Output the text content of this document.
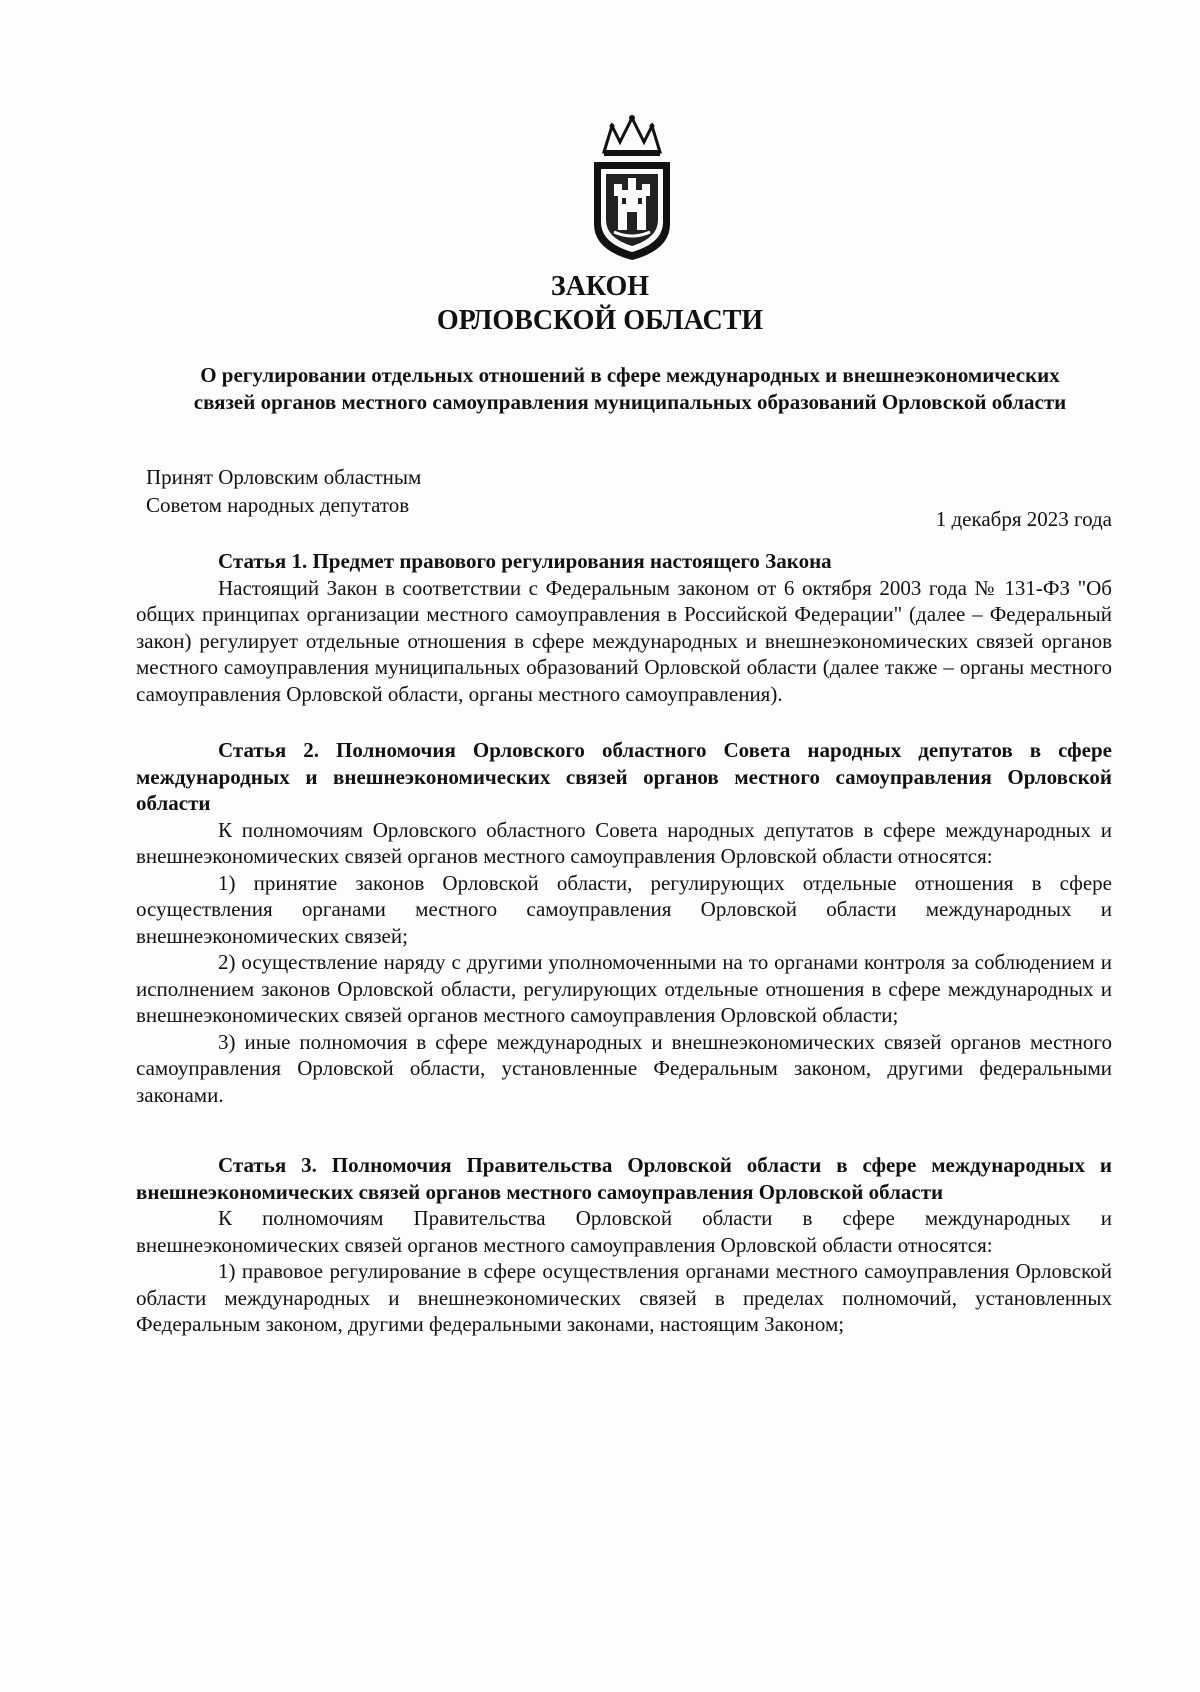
ЗАКОН
ОРЛОВСКОЙ ОБЛАСТИ
О регулировании отдельных отношений в сфере международных и внешнеэкономических связей органов местного самоуправления муниципальных образований Орловской области
Принят Орловским областным
Советом народных депутатов
1 декабря 2023 года

Статья 1. Предмет правового регулирования настоящего Закона

Настоящий Закон в соответствии с Федеральным законом от 6 октября 2003 года № 131-ФЗ "Об общих принципах организации местного самоуправления в Российской Федерации" (далее – Федеральный закон) регулирует отдельные отношения в сфере международных и внешнеэкономических связей органов местного самоуправления муниципальных образований Орловской области (далее также – органы местного самоуправления Орловской области, органы местного самоуправления).

Статья 2. Полномочия Орловского областного Совета народных депутатов в сфере международных и внешнеэкономических связей органов местного самоуправления Орловской области

К полномочиям Орловского областного Совета народных депутатов в сфере международных и внешнеэкономических связей органов местного самоуправления Орловской области относятся:

1) принятие законов Орловской области, регулирующих отдельные отношения в сфере осуществления органами местного самоуправления Орловской области международных и внешнеэкономических связей;

2) осуществление наряду с другими уполномоченными на то органами контроля за соблюдением и исполнением законов Орловской области, регулирующих отдельные отношения в сфере международных и внешнеэкономических связей органов местного самоуправления Орловской области;

3) иные полномочия в сфере международных и внешнеэкономических связей органов местного самоуправления Орловской области, установленные Федеральным законом, другими федеральными законами.

Статья 3. Полномочия Правительства Орловской области в сфере международных и внешнеэкономических связей органов местного самоуправления Орловской области

К полномочиям Правительства Орловской области в сфере международных и внешнеэкономических связей органов местного самоуправления Орловской области относятся:

1) правовое регулирование в сфере осуществления органами местного самоуправления Орловской области международных и внешнеэкономических связей в пределах полномочий, установленных Федеральным законом, другими федеральными законами, настоящим Законом;
